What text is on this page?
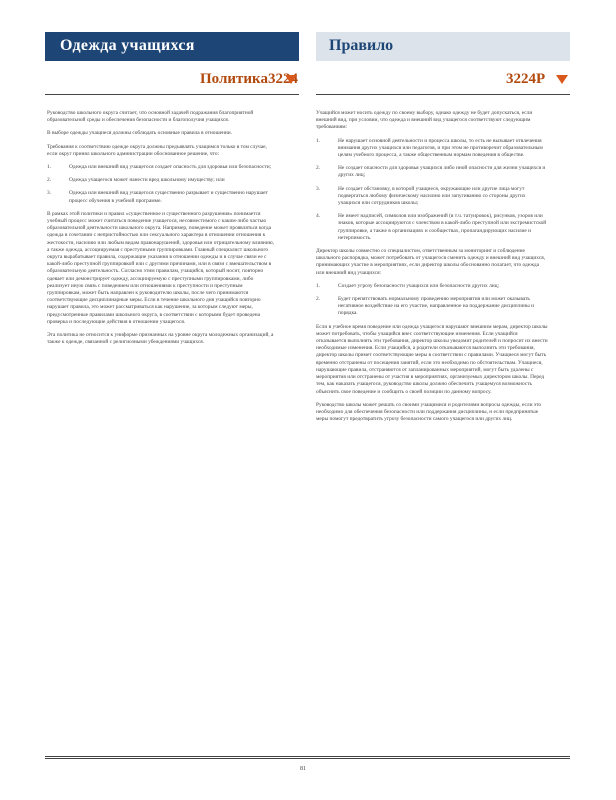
Одежда учащихся	Правило
Политика3224	3224P

Руководство школьного округа считает, что основной задачей подражания благоприятной образовательной среды и обеспечения безопасности и благополучия учащихся.

В выборе одежды учащиеся должны соблюдать основные правила в отношении.

Требования к соответствию одежде округа должны предъявлять учащимся только в том случае, если округ принял школьного администрации обоснованное решение, что:

1.	Одежда или внешний вид учащегося создает опасность для здоровья или безопасности;
2.	Одежда учащегося может нанести вред школьному имуществу; или
3.	Одежда или внешний вид учащегося существенно разрывает и существенно нарушает процесс обучения в учебной программе.

В рамках этой политики и правил «существенное и существенного разрушения» понимается учебный процесс может считаться поведение учащегося, несовместимого с каким-либо частью образовательной деятельности школьного округа. Например, поведение может проявляться когда одежда в сочетании с непристойностью или сексуального характера в отношении отношения к жестокости, насилию или любым видам правонарушений, здоровья или отрицательному влиянию, а также одежда, ассоциируемая с преступными группировками. Главный специалист школьного округа вырабатывает правила, содержащие указания в отношении одежды и в случае связи ее с какой-либо преступной группировкой или с другими причинами, или в связи с вмешательством в образовательную деятельность. Согласно этим правилам, учащийся, который носит, повторно одевает или демонстрирует одежду, ассоциируемую с преступными группировками, либо реализует иную связь с поведением или отношениями к преступности и преступным группировкам, может быть направлен к руководителю школы, после чего принимаются соответствующие дисциплинарные меры. Если в течение школьного дня учащийся повторно нарушает правила, это может рассматриваться как нарушение, за которым следуют меры, предусмотренные правилами школьного округа, в соответствии с которыми будет проведена проверка и последующие действия в отношении учащегося.

Эта политика не относится к униформе признанных на уровне округа молодежных организаций, а также к одежде, связанной с религиозными убеждениями учащихся.

Учащийся может носить одежду по своему выбору, однако одежду не будет допускаться, если внешний вид, при условии, что одежда и внешний вид учащегося соответствуют следующим требованиям:

1.	Не нарушает основной деятельности и процесса школы, то есть не вызывает отвлечения внимания других учащихся или педагогов, и при этом не противоречит образовательным целям учебного процесса, а также общественным нормам поведения в обществе.
2.	Не создает опасности для здоровья учащихся либо иной опасности для жизни учащихся и других лиц;
3.	Не создает обстановку, в которой учащиеся, окружающие или другие лица могут подвергаться любому физическому насилию или запугиванию со стороны других учащихся или сотрудников школы;
4.	Не имеет надписей, символов или изображений (в т.ч. татуировок), рисунков, узоров или знаков, которые ассоциируются с членством в какой-либо преступной или экстремистской группировке, а также в организациях и сообществах, пропагандирующих насилие и нетерпимость.

Директор школы совместно со специалистом, ответственным за мониторинг и соблюдение школьного распорядка, может потребовать от учащегося сменить одежду и внешний вид учащихся, принимающих участие в мероприятиях, если директор школы обоснованно полагает, что одежда или внешний вид учащихся:

1.	Создает угрозу безопасности учащихся или безопасности других лиц;
2.	Будет препятствовать нормальному проведению мероприятия или может оказывать негативное воздействие на его участие, направленное на поддержание дисциплины и порядка.

Если в учебное время поведение или одежда учащегося нарушают внешним мерам, директор школы может потребовать, чтобы учащийся внес соответствующие изменения. Если учащийся отказывается выполнять эти требования, директор школы уведомит родителей и попросит их внести необходимые изменения. Если учащийся, а родители отказываются выполнить эти требования, директор школы примет соответствующие меры в соответствии с правилами. Учащиеся могут быть временно отстранены от посещения занятий, если это необходимо по обстоятельствам. Учащиеся, нарушающие правила, отстраняются от запланированных мероприятий, могут быть удалены с мероприятия или отстранены от участия в мероприятиях, организуемых директором школы. Перед тем, как наказать учащегося, руководство школы должно обеспечить учащемуся возможность объяснить свое поведение и сообщить о своей позиции по данному вопросу.

Руководство школы может решать со своими учащимися и родителями вопросы одежды, если это необходимо для обеспечения безопасности или поддержания дисциплины, и если предпринятые меры помогут предотвратить угрозу безопасности самого учащегося или других лиц.

81
